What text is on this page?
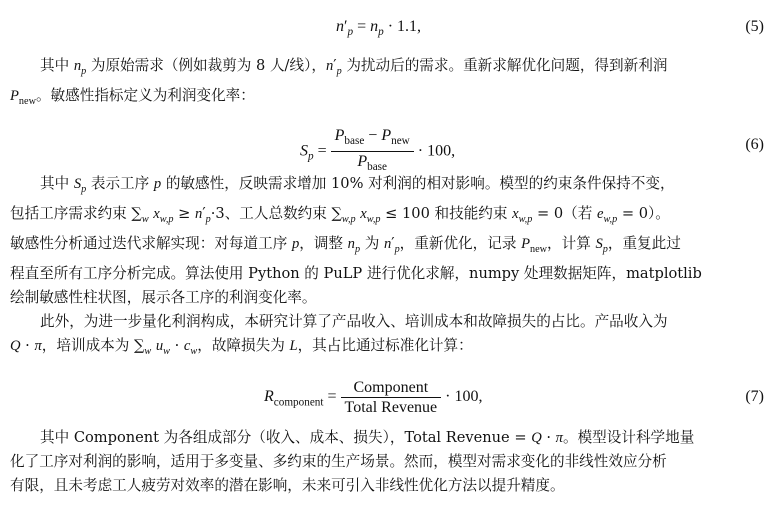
$n'_p = n_p \cdot 1.1$,	(5)

其中 $n_p$ 为原始需求（例如裁剪为 8 人/线），$n'_p$ 为扰动后的需求。重新求解优化问题，得到新利润

$P_{new}$。敏感性指标定义为利润变化率：

$S_p = \frac{P_{base} - P_{new}}{P_{base}} \cdot 100$,	(6)

其中 $S_p$ 表示工序 p 的敏感性，反映需求增加 10% 对利润的相对影响。模型的约束条件保持不变，

包括工序需求约束 $\sum_w$ $x_{w,p} \ge n'_p\cdot 3$、工人总数约束 $\sum_{w,p}$ $x_{w,p} \le 100$ 和技能约束 $x_{w,p} = 0$（若 $e_{w,p} = 0$）。

敏感性分析通过迭代求解实现：对每道工序 p，调整 $n_p$ 为 $n'_p$，重新优化，记录 $P_{new}$，计算 $S_p$，重复此过

程直至所有工序分析完成。算法使用 Python 的 PuLP 进行优化求解，numpy 处理数据矩阵，matplotlib

绘制敏感性柱状图，展示各工序的利润变化率。

此外，为进一步量化利润构成，本研究计算了产品收入、培训成本和故障损失的占比。产品收入为

Q · π，培训成本为 $\sum_w$ $u_w \cdot c_w$，故障损失为 L，其占比通过标准化计算：

$R_{component} = \frac{\text{Component}}{\text{Total Revenue}} \cdot 100$,	(7)

其中 Component 为各组成部分（收入、成本、损失），Total Revenue = Q · π。模型设计科学地量

化了工序对利润的影响，适用于多变量、多约束的生产场景。然而，模型对需求变化的非线性效应分析

有限，且未考虑工人疲劳对效率的潜在影响，未来可引入非线性优化方法以提升精度。
